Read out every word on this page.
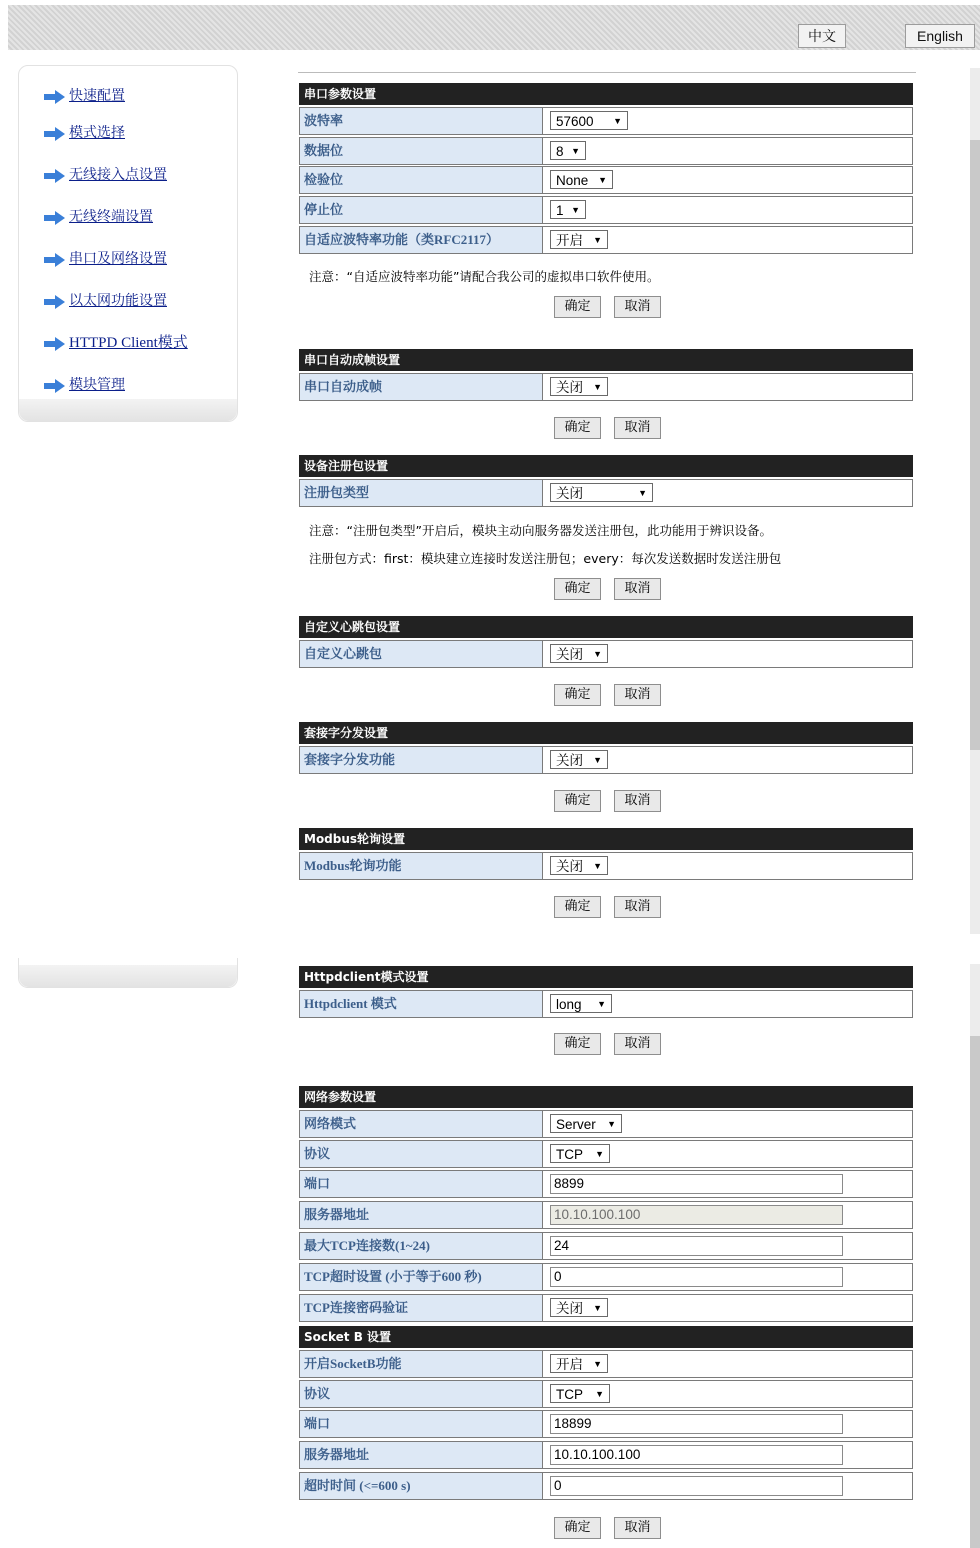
中文	English
快速配置
模式选择
无线接入点设置
无线终端设置
串口及网络设置
以太网功能设置
HTTPD Client模式
模块管理
串口参数设置
波特率	57600 ▼
数据位	8 ▼
检验位	None ▼
停止位	1 ▼
自适应波特率功能（类RFC2117）	开启 ▼
注意：“自适应波特率功能”请配合我公司的虚拟串口软件使用。
确定	取消
串口自动成帧设置
串口自动成帧	关闭 ▼
确定	取消
设备注册包设置
注册包类型	关闭	▼
注意：“注册包类型”开启后，模块主动向服务器发送注册包，此功能用于辨识设备。
注册包方式：first：模块建立连接时发送注册包；every：每次发送数据时发送注册包
确定	取消
自定义心跳包设置
自定义心跳包	关闭 ▼
确定	取消
套接字分发设置
套接字分发功能	关闭 ▼
确定	取消
Modbus轮询设置
Modbus轮询功能	关闭 ▼
确定	取消
Httpdclient模式设置
Httpdclient 模式	long ▼
确定	取消
网络参数设置
网络模式	Server ▼
协议	TCP ▼
端口	8899
服务器地址	10.10.100.100
最大TCP连接数(1~24)	24
TCP超时设置 (小于等于600 秒)	0
TCP连接密码验证	关闭 ▼
Socket B 设置
开启SocketB功能	开启 ▼
协议	TCP ▼
端口	18899
服务器地址	10.10.100.100
超时时间 (<=600 s)	0
确定	取消
